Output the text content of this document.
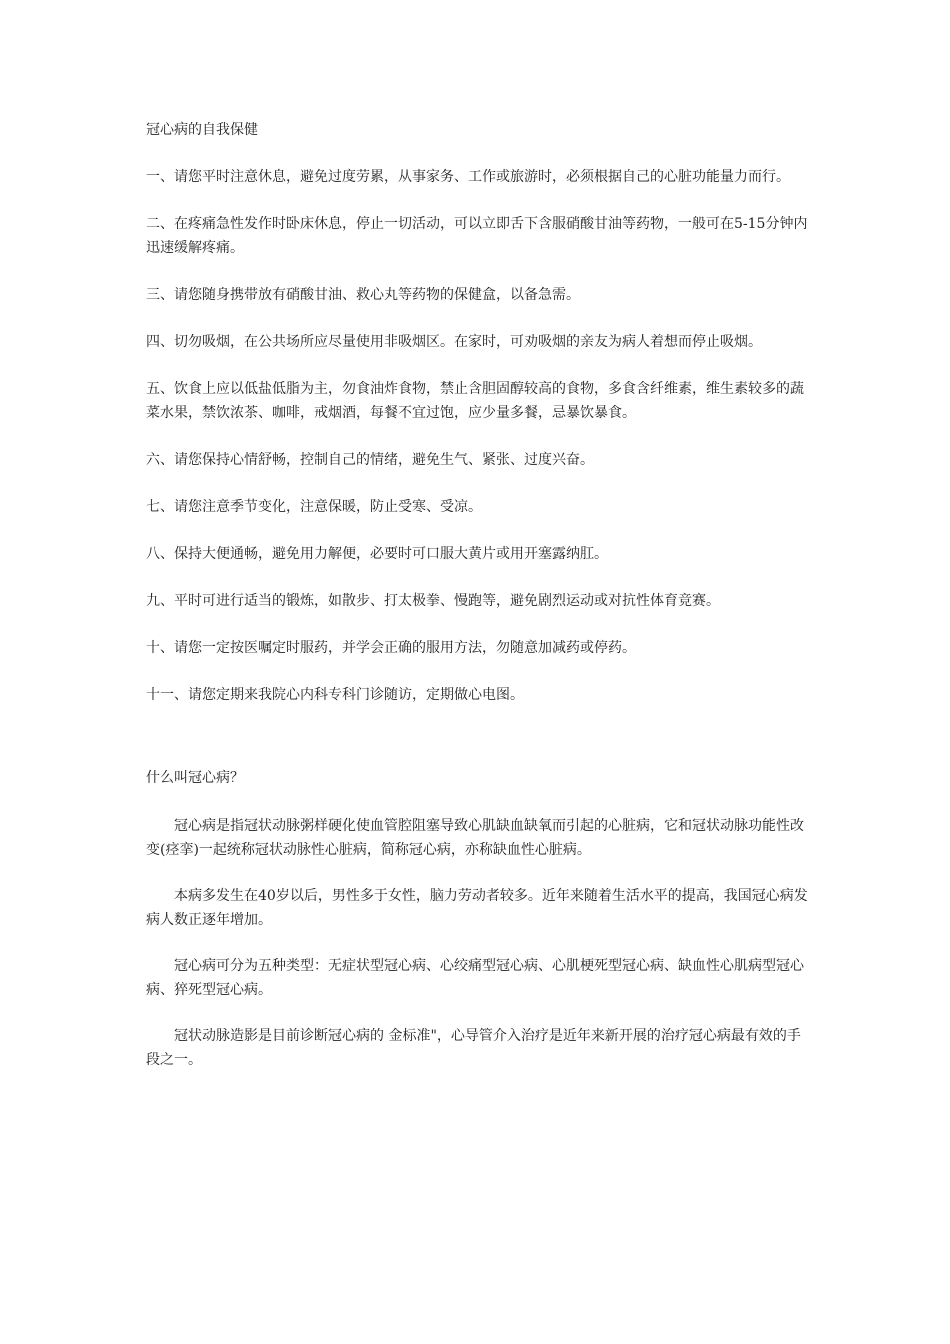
冠心病的自我保健

一、请您平时注意休息，避免过度劳累，从事家务、工作或旅游时，必须根据自己的心脏功能量力而行。

二、在疼痛急性发作时卧床休息，停止一切活动，可以立即舌下含服硝酸甘油等药物，一般可在5-15分钟内迅速缓解疼痛。

三、请您随身携带放有硝酸甘油、救心丸等药物的保健盒，以备急需。

四、切勿吸烟，在公共场所应尽量使用非吸烟区。在家时，可劝吸烟的亲友为病人着想而停止吸烟。

五、饮食上应以低盐低脂为主，勿食油炸食物，禁止含胆固醇较高的食物，多食含纤维素，维生素较多的蔬菜水果，禁饮浓茶、咖啡，戒烟酒，每餐不宜过饱，应少量多餐，忌暴饮暴食。

六、请您保持心情舒畅，控制自己的情绪，避免生气、紧张、过度兴奋。

七、请您注意季节变化，注意保暖，防止受寒、受凉。

八、保持大便通畅，避免用力解便，必要时可口服大黄片或用开塞露纳肛。

九、平时可进行适当的锻炼，如散步、打太极拳、慢跑等，避免剧烈运动或对抗性体育竞赛。

十、请您一定按医嘱定时服药，并学会正确的服用方法，勿随意加减药或停药。

十一、请您定期来我院心内科专科门诊随访，定期做心电图。

什么叫冠心病？

冠心病是指冠状动脉粥样硬化使血管腔阻塞导致心肌缺血缺氧而引起的心脏病，它和冠状动脉功能性改变(痉挛)一起统称冠状动脉性心脏病，简称冠心病，亦称缺血性心脏病。

本病多发生在40岁以后，男性多于女性，脑力劳动者较多。近年来随着生活水平的提高，我国冠心病发病人数正逐年增加。

冠心病可分为五种类型：无症状型冠心病、心绞痛型冠心病、心肌梗死型冠心病、缺血性心肌病型冠心病、猝死型冠心病。

冠状动脉造影是目前诊断冠心病的 金标准"，心导管介入治疗是近年来新开展的治疗冠心病最有效的手段之一。
